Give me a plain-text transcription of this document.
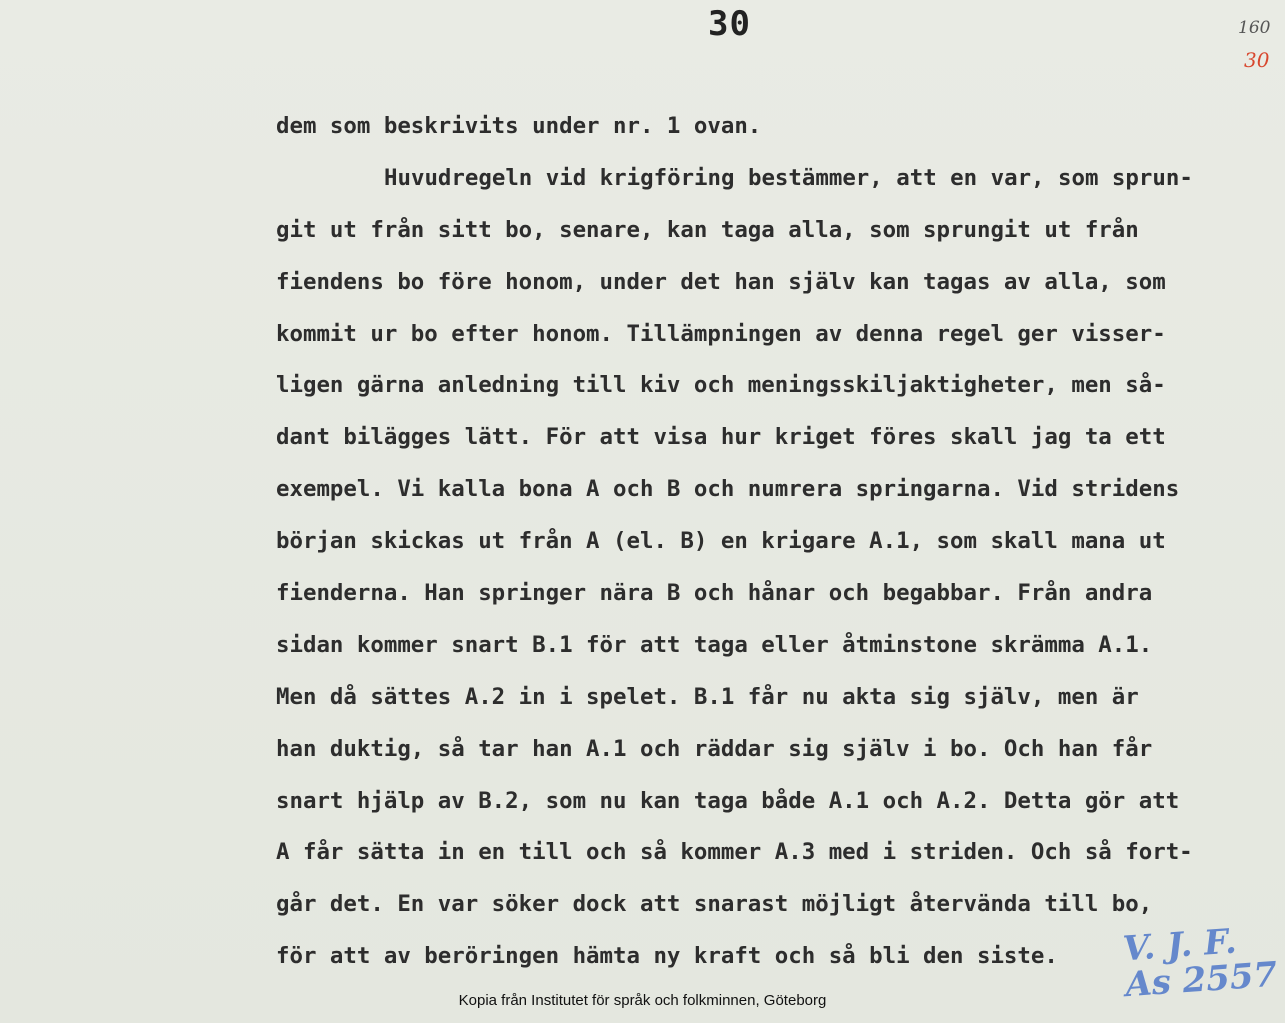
30	160
30
dem som beskrivits under nr. 1 ovan.
Huvudregeln vid krigföring bestämmer, att en var, som sprun-
git ut från sitt bo, senare, kan taga alla, som sprungit ut från
fiendens bo före honom, under det han själv kan tagas av alla, som
kommit ur bo efter honom. Tillämpningen av denna regel ger visser-
ligen gärna anledning till kiv och meningsskiljaktigheter, men så-
dant bilägges lätt. För att visa hur kriget föres skall jag ta ett
exempel. Vi kalla bona A och B och numrera springarna. Vid stridens
början skickas ut från A (el. B) en krigare A.1, som skall mana ut
fienderna. Han springer nära B och hånar och begabbar. Från andra
sidan kommer snart B.1 för att taga eller åtminstone skrämma A.1.
Men då sättes A.2 in i spelet. B.1 får nu akta sig själv, men är
han duktig, så tar han A.1 och räddar sig själv i bo. Och han får
snart hjälp av B.2, som nu kan taga både A.1 och A.2. Detta gör att
A får sätta in en till och så kommer A.3 med i striden. Och så fort-
går det. En var söker dock att snarast möjligt återvända till bo,
för att av beröringen hämta ny kraft och så bli den siste.	V. J. F.
As 2557
Kopia från Institutet för språk och folkminnen, Göteborg
